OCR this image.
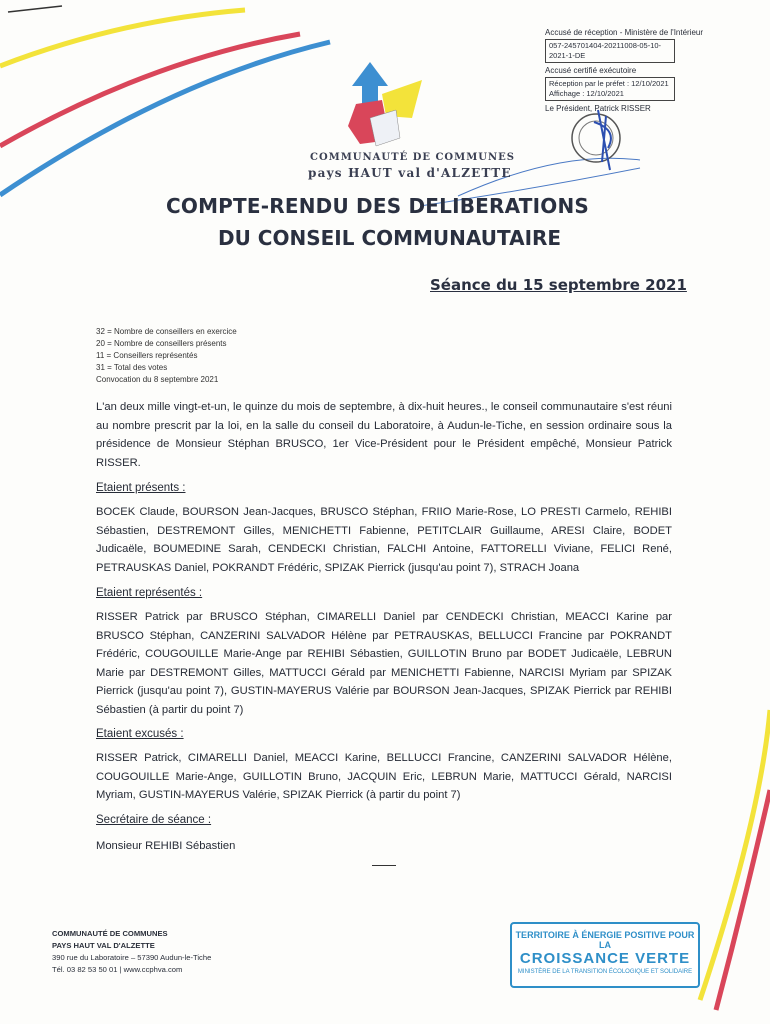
Accusé de réception - Ministère de l'Intérieur
057-245701404-20211008-05-10-2021-1-DE
Accusé certifié exécutoire
Réception par le préfet : 12/10/2021
Affichage : 12/10/2021
Le Président, Patrick RISSER
COMMUNAUTÉ DE COMMUNES
pays HAUT val d'ALZETTE
COMPTE-RENDU DES DELIBERATIONS
DU CONSEIL COMMUNAUTAIRE
Séance du 15 septembre 2021
32 = Nombre de conseillers en exercice
20 = Nombre de conseillers présents
11 = Conseillers représentés
31 = Total des votes
Convocation du 8 septembre 2021
L'an deux mille vingt-et-un, le quinze du mois de septembre, à dix-huit heures., le conseil communautaire s'est réuni au nombre prescrit par la loi, en la salle du conseil du Laboratoire, à Audun-le-Tiche, en session ordinaire sous la présidence de Monsieur Stéphan BRUSCO, 1er Vice-Président pour le Président empêché, Monsieur Patrick RISSER.
Etaient présents :
BOCEK Claude, BOURSON Jean-Jacques, BRUSCO Stéphan, FRIIO Marie-Rose, LO PRESTI Carmelo, REHIBI Sébastien, DESTREMONT Gilles, MENICHETTI Fabienne, PETITCLAIR Guillaume, ARESI Claire, BODET Judicaële, BOUMEDINE Sarah, CENDECKI Christian, FALCHI Antoine, FATTORELLI Viviane, FELICI René, PETRAUSKAS Daniel, POKRANDT Frédéric, SPIZAK Pierrick (jusqu'au point 7), STRACH Joana
Etaient représentés :
RISSER Patrick par BRUSCO Stéphan, CIMARELLI Daniel par CENDECKI Christian, MEACCI Karine par BRUSCO Stéphan, CANZERINI SALVADOR Hélène par PETRAUSKAS, BELLUCCI Francine par POKRANDT Frédéric, COUGOUILLE Marie-Ange par REHIBI Sébastien, GUILLOTIN Bruno par BODET Judicaële, LEBRUN Marie par DESTREMONT Gilles, MATTUCCI Gérald par MENICHETTI Fabienne, NARCISI Myriam par SPIZAK Pierrick (jusqu'au point 7), GUSTIN-MAYERUS Valérie par BOURSON Jean-Jacques, SPIZAK Pierrick par REHIBI Sébastien (à partir du point 7)
Etaient excusés :
RISSER Patrick, CIMARELLI Daniel, MEACCI Karine, BELLUCCI Francine, CANZERINI SALVADOR Hélène, COUGOUILLE Marie-Ange, GUILLOTIN Bruno, JACQUIN Eric, LEBRUN Marie, MATTUCCI Gérald, NARCISI Myriam, GUSTIN-MAYERUS Valérie, SPIZAK Pierrick (à partir du point 7)
Secrétaire de séance :
Monsieur REHIBI Sébastien
COMMUNAUTÉ DE COMMUNES
PAYS HAUT VAL D'ALZETTE
390 rue du Laboratoire – 57390 Audun-le-Tiche
Tél. 03 82 53 50 01 | www.ccphva.com
TERRITOIRE À ÉNERGIE POSITIVE POUR LA
CROISSANCE VERTE
MINISTÈRE DE LA TRANSITION ÉCOLOGIQUE ET SOLIDAIRE
